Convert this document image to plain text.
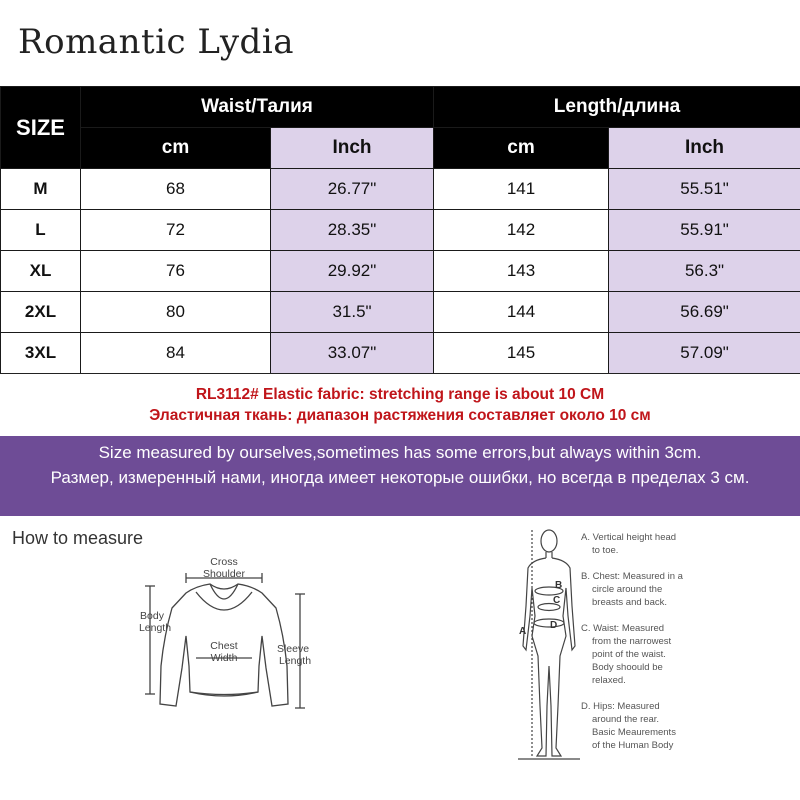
Romantic Lydia
SIZE	Waist/Талия		Length/длина	
	cm	Inch	cm	Inch
M	68	26.77"	141	55.51"
L	72	28.35"	142	55.91"
XL	76	29.92"	143	56.3"
2XL	80	31.5"	144	56.69"
3XL	84	33.07"	145	57.09"
RL3112# Elastic fabric: stretching range is about 10 CM
Эластичная ткань: диапазон растяжения составляет около 10 см
Size measured by ourselves,sometimes has some errors,but always within 3cm.
Размер, измеренный нами, иногда имеет некоторые ошибки, но всегда в пределах 3 см.
How to measure
Cross
Shoulder
Body
Length
Chest
Width
Sleeve
Length
A
B
C
D
A. Vertical height head
to toe.
B. Chest: Measured in a
circle around the
breasts and back.
C. Waist: Measured
from the narrowest
point of the waist.
Body shoould be
relaxed.
D. Hips: Measured
around the rear.
Basic Meaurements
of the Human Body
